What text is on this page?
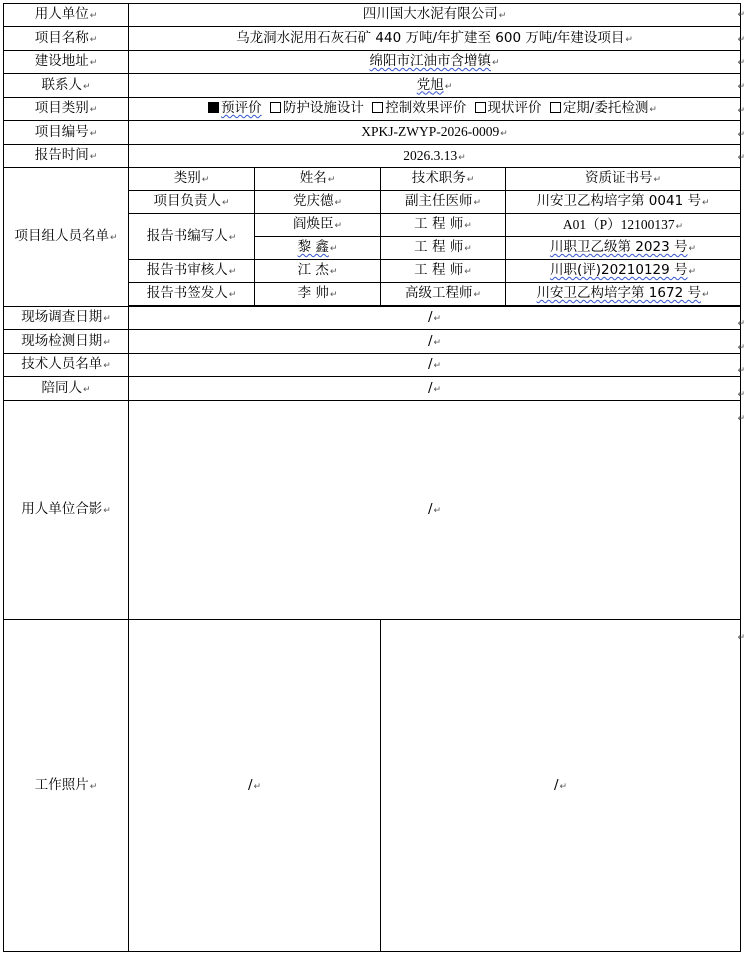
用人单位↵	四川国大水泥有限公司↵			
项目名称↵	乌龙洞水泥用石灰石矿 440 万吨/年扩建至 600 万吨/年建设项目↵			
建设地址↵	绵阳市江油市含增镇↵			
联系人↵	党旭↵			
项目类别↵	预评价 防护设施设计 控制效果评价 现状评价 定期/委托检测↵			
项目编号↵	XPKJ-ZWYP-2026-0009↵			
报告时间↵	2026.3.13↵			
项目组人员名单↵	类别↵	姓名↵	技术职务↵	资质证书号↵
	项目负责人↵	党庆德↵	副主任医师↵	川安卫乙构培字第 0041 号↵
	报告书编写人↵	阎焕臣↵	工 程 师↵	A01（P）12100137↵
		黎 鑫↵	工 程 师↵	川职卫乙级第 2023 号↵
	报告书审核人↵	江 杰↵	工 程 师↵	川职(评)20210129 号↵
	报告书签发人↵	李 帅↵	高级工程师↵	川安卫乙构培字第 1672 号↵

现场调查日期↵	/↵			
现场检测日期↵	/↵			
技术人员名单↵	/↵			
陪同人↵	/↵			
用人单位合影↵	/↵			
工作照片↵	/↵		/↵	
↵
↵
↵
↵
↵
↵
↵
↵
↵
↵
↵
↵
↵
